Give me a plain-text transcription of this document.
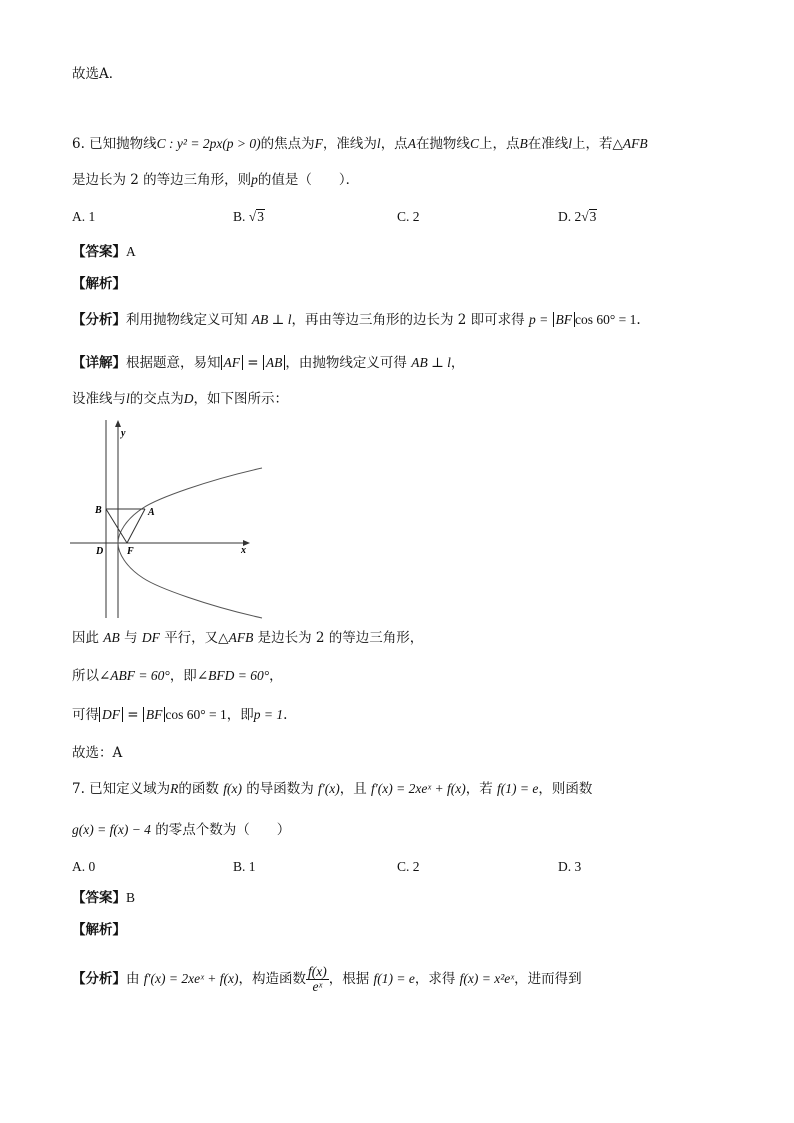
故选A．
6. 已知抛物线C : y² = 2px(p > 0)的焦点为F，准线为l，点A在抛物线C上，点B在准线l上，若△AFB
是边长为 2 的等边三角形，则p的值是（　　）．
A. 1	B. √3	C. 2	D. 2√3
【答案】A
【解析】
【分析】利用抛物线定义可知 AB ⊥ l，再由等边三角形的边长为 2 即可求得 p = BF cos 60° = 1.
【详解】根据题意，易知 AF = AB ，由抛物线定义可得 AB ⊥ l，
设准线与l的交点为D，如下图所示：
x
y
B	A
D F
因此 AB 与 DF 平行，又△AFB 是边长为 2 的等边三角形，
所以∠ABF = 60°，即∠BFD = 60°，
可得 DF = BF cos 60° = 1，即p = 1.
故选：A
7. 已知定义域为R的函数 f(x) 的导函数为 f′(x)，且 f′(x) = 2xeˣ + f(x)，若 f(1) = e，则函数
g(x) = f(x) − 4 的零点个数为（　　）
A. 0	B. 1	C. 2	D. 3
【答案】B
【解析】
【分析】由 f′(x) = 2xeˣ + f(x)，构造函数 $\frac{f(x)}{\text{eˣ}}$ ，根据 f(1) = e，求得 f(x) = x²eˣ，进而得到
